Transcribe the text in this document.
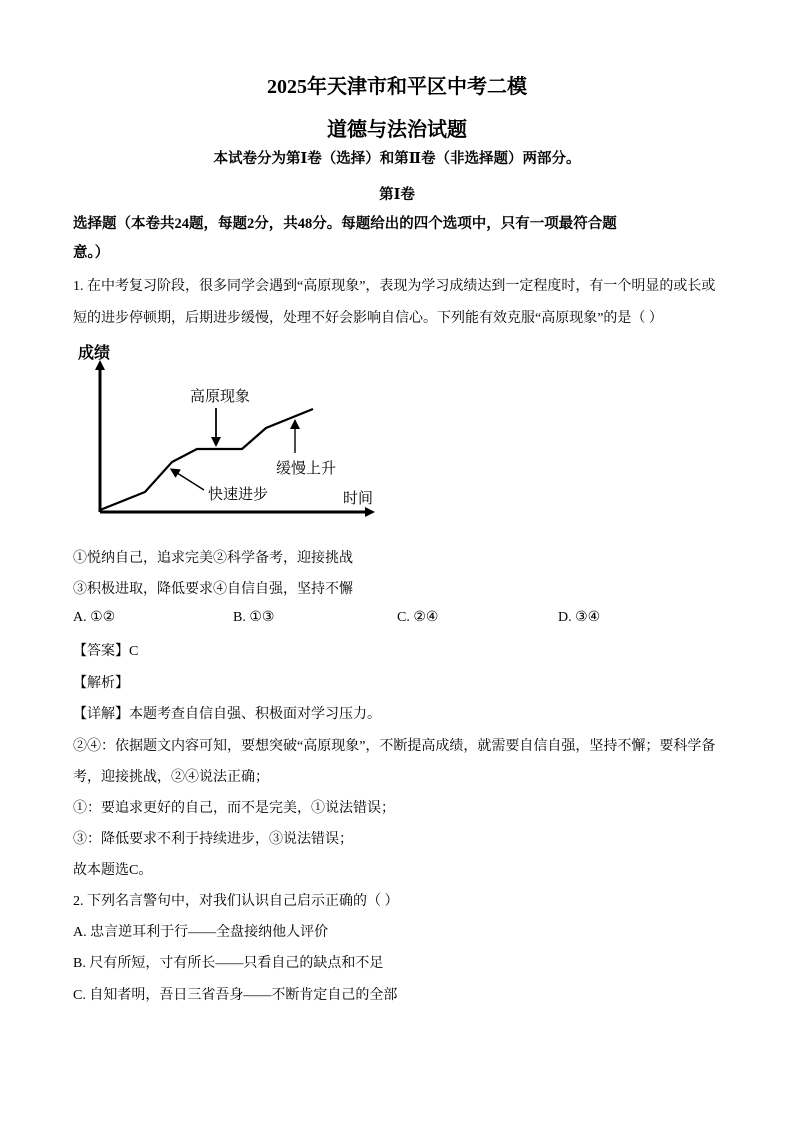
2025年天津市和平区中考二模
道德与法治试题
本试卷分为第Ⅰ卷（选择）和第Ⅱ卷（非选择题）两部分。
第Ⅰ卷
选择题（本卷共24题，每题2分，共48分。每题给出的四个选项中，只有一项最符合题
意。）
1. 在中考复习阶段，很多同学会遇到“高原现象”，表现为学习成绩达到一定程度时，有一个明显的或长或
短的进步停顿期，后期进步缓慢，处理不好会影响自信心。下列能有效克服“高原现象”的是（ ）
成绩
时间
高原现象
缓慢上升
快速进步
①悦纳自己，追求完美②科学备考，迎接挑战
③积极进取，降低要求④自信自强，坚持不懈
A. ①②	B. ①③	C. ②④	D. ③④
【答案】C
【解析】
【详解】本题考查自信自强、积极面对学习压力。
②④：依据题文内容可知，要想突破“高原现象”，不断提高成绩，就需要自信自强，坚持不懈；要科学备
考，迎接挑战，②④说法正确；
①：要追求更好的自己，而不是完美，①说法错误；
③：降低要求不利于持续进步，③说法错误；
故本题选C。
2. 下列名言警句中，对我们认识自己启示正确的（ ）
A. 忠言逆耳利于行——全盘接纳他人评价
B. 尺有所短，寸有所长——只看自己的缺点和不足
C. 自知者明，吾日三省吾身——不断肯定自己的全部
